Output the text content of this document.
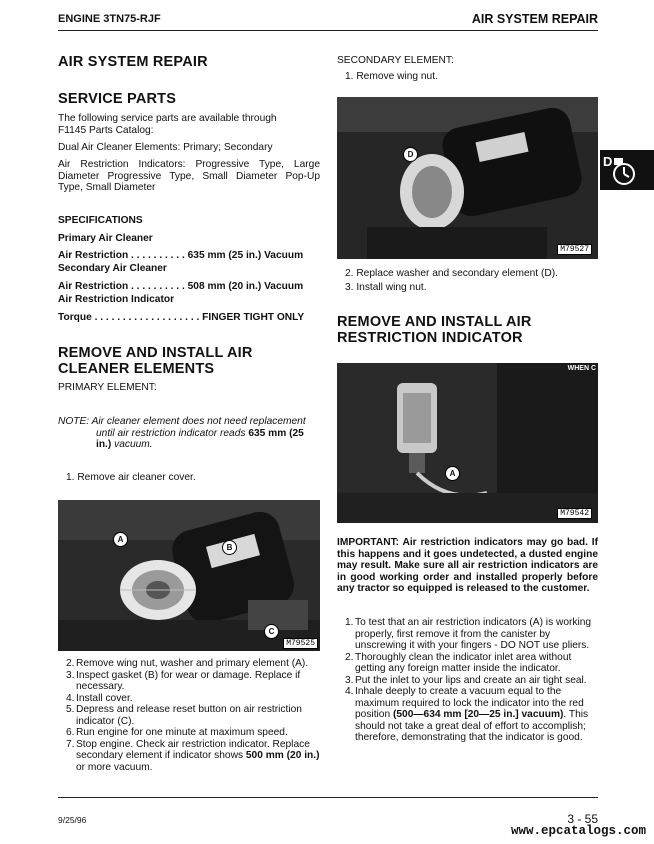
ENGINE 3TN75-RJF	AIR SYSTEM REPAIR
D
AIR SYSTEM REPAIR
SERVICE PARTS
The following service parts are available through F1145 Parts Catalog:
Dual Air Cleaner Elements: Primary; Secondary
Air Restriction Indicators: Progressive Type, Large Diameter Progressive Type, Small Diameter Pop-Up Type, Small Diameter
SPECIFICATIONS
Primary Air Cleaner
Air Restriction . . . . . . . . . . 635 mm (25 in.) Vacuum
Secondary Air Cleaner
Air Restriction . . . . . . . . . . 508 mm (20 in.) Vacuum
Air Restriction Indicator
Torque . . . . . . . . . . . . . . . . . . . FINGER TIGHT ONLY
REMOVE AND INSTALL AIR
CLEANER ELEMENTS
PRIMARY ELEMENT:
NOTE: Air cleaner element does not need replacement
until air restriction indicator reads 635 mm (25
in.) vacuum.
1. Remove air cleaner cover.
A
B
C
M79525
2. Remove wing nut, washer and primary element (A).
3. Inspect gasket (B) for wear or damage. Replace if necessary.
4. Install cover.
5. Depress and release reset button on air restriction indicator (C).
6. Run engine for one minute at maximum speed.
7. Stop engine. Check air restriction indicator. Replace secondary element if indicator shows 500 mm (20 in.) or more vacuum.
SECONDARY ELEMENT:
1. Remove wing nut.
D
M79527
2. Replace washer and secondary element (D).
3. Install wing nut.
REMOVE AND INSTALL AIR
RESTRICTION INDICATOR
WHEN C
A
M79542
IMPORTANT: Air restriction indicators may go bad. If this happens and it goes undetected, a dusted engine may result. Make sure all air restriction indicators are in good working order and installed properly before any tractor so equipped is released to the customer.
1. To test that an air restriction indicators (A) is working properly, first remove it from the canister by unscrewing it with your fingers - DO NOT use pliers.
2. Thoroughly clean the indicator inlet area without getting any foreign matter inside the indicator.
3. Put the inlet to your lips and create an air tight seal.
4. Inhale deeply to create a vacuum equal to the maximum required to lock the indicator into the red position (500—634 mm [20—25 in.] vacuum). This should not take a great deal of effort to accomplish; therefore, demonstrating that the indicator is good.
9/25/96	3 - 55
www.epcatalogs.com
